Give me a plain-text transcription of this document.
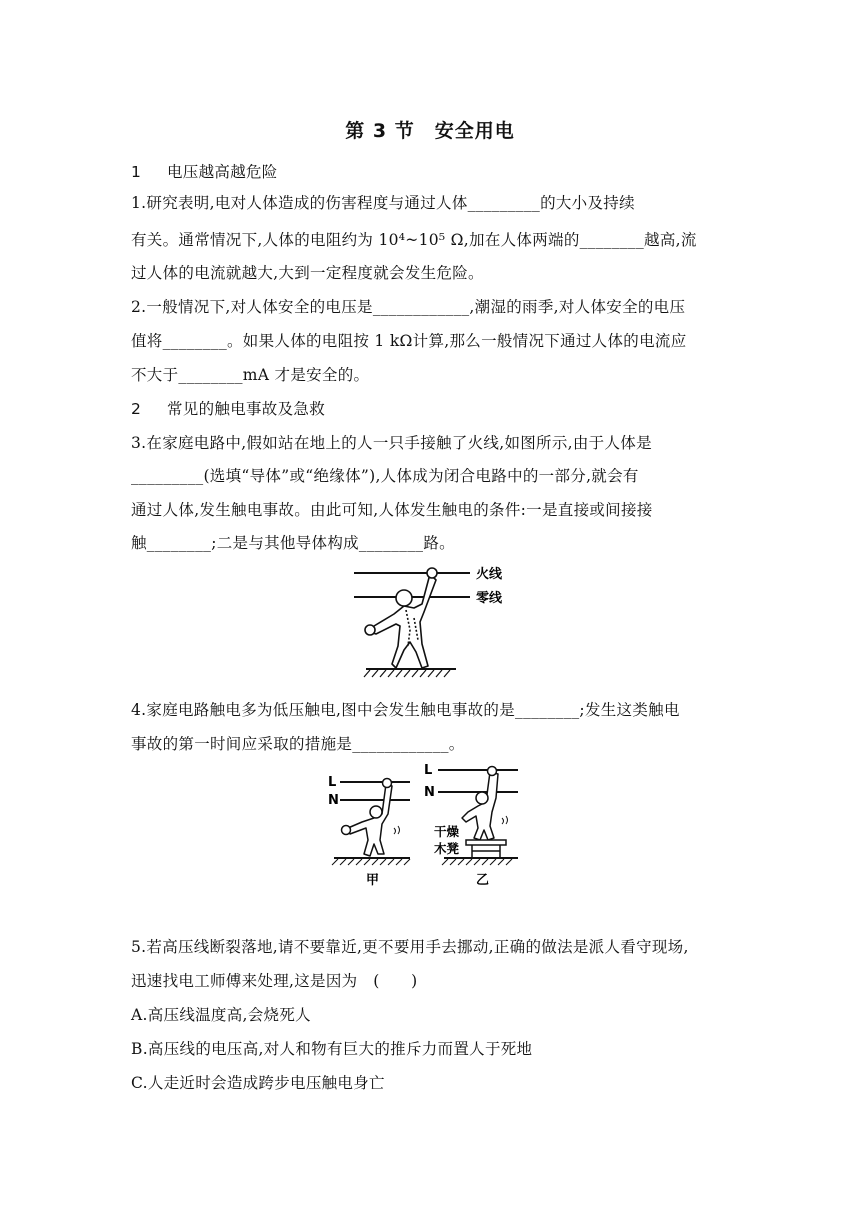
第 3 节　安全用电
1 电压越高越危险
1.研究表明,电对人体造成的伤害程度与通过人体_________的大小及持续
有关。通常情况下,人体的电阻约为 10⁴~10⁵ Ω,加在人体两端的________越高,流
过人体的电流就越大,大到一定程度就会发生危险。
2.一般情况下,对人体安全的电压是____________,潮湿的雨季,对人体安全的电压
值将________。如果人体的电阻按 1 kΩ计算,那么一般情况下通过人体的电流应
不大于________mA 才是安全的。
2 常见的触电事故及急救
3.在家庭电路中,假如站在地上的人一只手接触了火线,如图所示,由于人体是
_________(选填“导体”或“绝缘体”),人体成为闭合电路中的一部分,就会有
通过人体,发生触电事故。由此可知,人体发生触电的条件:一是直接或间接接
触________;二是与其他导体构成________路。
火线
零线
4.家庭电路触电多为低压触电,图中会发生触电事故的是________;发生这类触电
事故的第一时间应采取的措施是____________。
L
N
甲
L
N
干燥
木凳
乙
5.若高压线断裂落地,请不要靠近,更不要用手去挪动,正确的做法是派人看守现场,
迅速找电工师傅来处理,这是因为　(　　)
A.高压线温度高,会烧死人
B.高压线的电压高,对人和物有巨大的推斥力而置人于死地
C.人走近时会造成跨步电压触电身亡
